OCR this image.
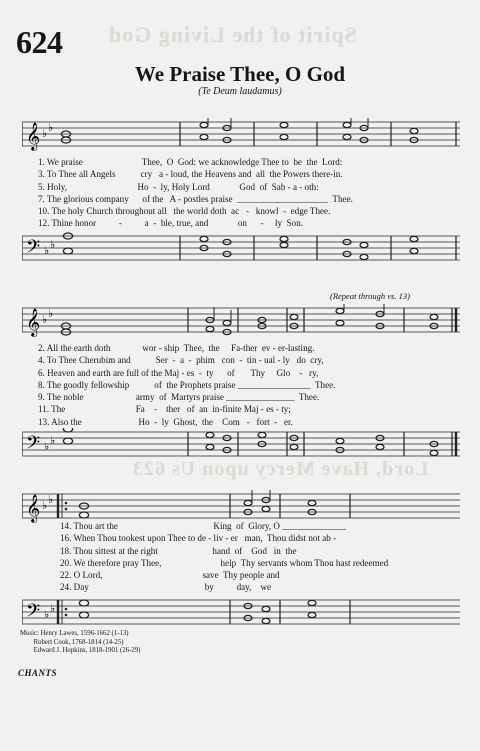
Spirit of the Living God
Lord, Have Mercy upon Us 623
624
We Praise Thee, O God
(Te Deum laudamus)
𝄞 ♭ ♭
1. We praise                          Thee,  O  God: we acknowledge Thee to  be  the  Lord:
3. To Thee all Angels           cry   a - loud, the Heavens and  all  the Powers there-in.
5. Holy,                               Ho  -  ly, Holy Lord             God  of  Sab - a - oth:
7. The glorious company      of the   A - postles praise  ____________________  Thee.
10. The holy Church throughout all   the world doth  ac   -   knowl  -  edge Thee.
12. Thine honor          -          a  -  ble, true, and             on      -     ly  Son.
𝄢 ♭ ♭
(Repeat through vs. 13)
𝄞 ♭ ♭
2. All the earth doth              wor - ship  Thee,  the     Fa-ther  ev - er-lasting.
4. To Thee Cherubim and           Ser  -  a  -  phim   con  -  tin - ual - ly   do  cry,
6. Heaven and earth are full of the Maj - es  -  ty      of       Thy     Glo    -   ry,
8. The goodly fellowship           of  the Prophets praise ________________  Thee.
9. The noble                       army  of  Martyrs praise _______________  Thee.
11. The                               Fa    -    ther   of  an  in-finite Maj - es - ty;
13. Also the                         Ho  -  ly  Ghost,  the    Com   -   fort  -   er.
𝄢 ♭ ♭
𝄞 ♭ ♭
14. Thou art the                                          King  of  Glory, O ______________
16. When Thou tookest upon Thee to de - liv - er   man,  Thou didst not ab -
18. Thou sittest at the right                        hand  of    God   in  the
20. We therefore pray Thee,                          help  Thy servants whom Thou hast redeemed
22. O Lord,                                            save  Thy people and
24. Day                                                   by          day,    we
𝄢 ♭ ♭
Music: Henry Lawes, 1596-1662 (1-13)
Robert Cook, 1768-1814 (14-25)
Edward J. Hopkins, 1818-1901 (26-29)
CHANTS
